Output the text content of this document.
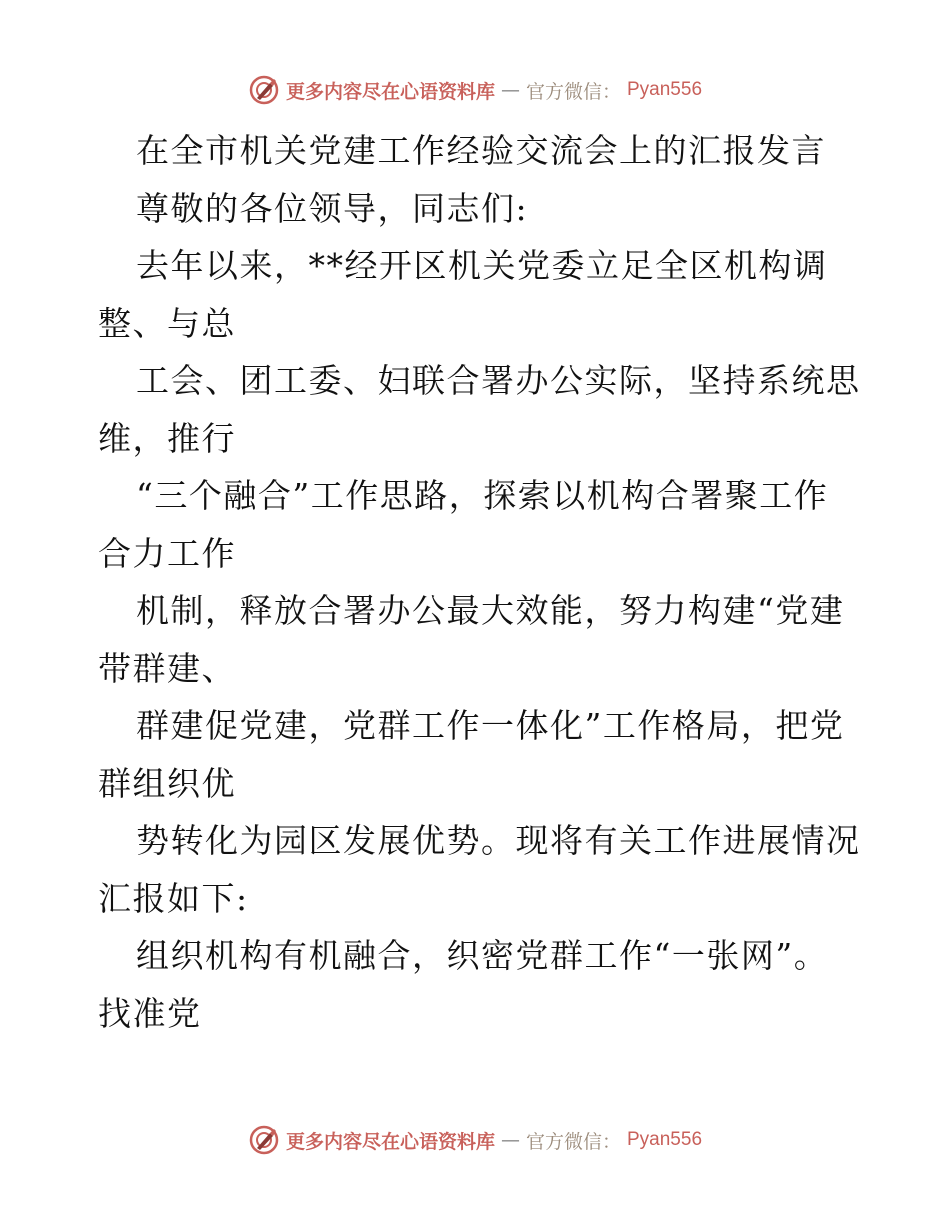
更多内容尽在心语资料库 — 官方微信： Pyan556
在全市机关党建工作经验交流会上的汇报发言
尊敬的各位领导，同志们:
去年以来，**经开区机关党委立足全区机构调
整、与总
工会、团工委、妇联合署办公实际，坚持系统思
维，推行
“三个融合”工作思路，探索以机构合署聚工作
合力工作
机制，释放合署办公最大效能，努力构建“党建
带群建、
群建促党建，党群工作一体化”工作格局，把党
群组织优
势转化为园区发展优势。现将有关工作进展情况
汇报如下:
组织机构有机融合，织密党群工作“一张网”。
找准党
更多内容尽在心语资料库 — 官方微信： Pyan556
